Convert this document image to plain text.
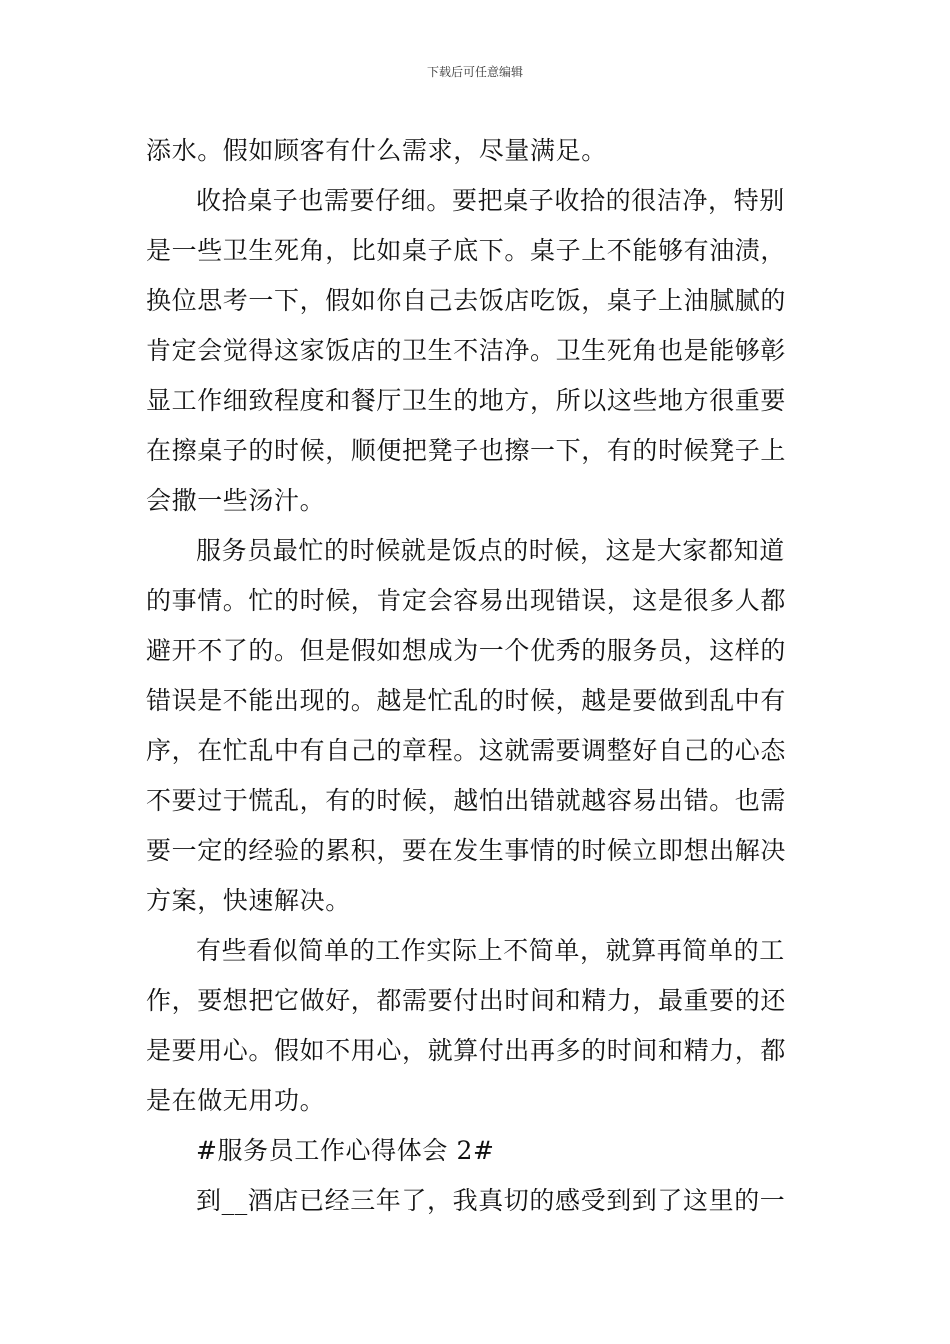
下载后可任意编辑
添水。假如顾客有什么需求，尽量满足。
收拾桌子也需要仔细。要把桌子收拾的很洁净，特别
是一些卫生死角，比如桌子底下。桌子上不能够有油渍，
换位思考一下，假如你自己去饭店吃饭，桌子上油腻腻的
肯定会觉得这家饭店的卫生不洁净。卫生死角也是能够彰
显工作细致程度和餐厅卫生的地方，所以这些地方很重要
在擦桌子的时候，顺便把凳子也擦一下，有的时候凳子上
会撒一些汤汁。
服务员最忙的时候就是饭点的时候，这是大家都知道
的事情。忙的时候，肯定会容易出现错误，这是很多人都
避开不了的。但是假如想成为一个优秀的服务员，这样的
错误是不能出现的。越是忙乱的时候，越是要做到乱中有
序，在忙乱中有自己的章程。这就需要调整好自己的心态
不要过于慌乱，有的时候，越怕出错就越容易出错。也需
要一定的经验的累积，要在发生事情的时候立即想出解决
方案，快速解决。
有些看似简单的工作实际上不简单，就算再简单的工
作，要想把它做好，都需要付出时间和精力，最重要的还
是要用心。假如不用心，就算付出再多的时间和精力，都
是在做无用功。
#服务员工作心得体会 2#
到__酒店已经三年了，我真切的感受到到了这里的一
